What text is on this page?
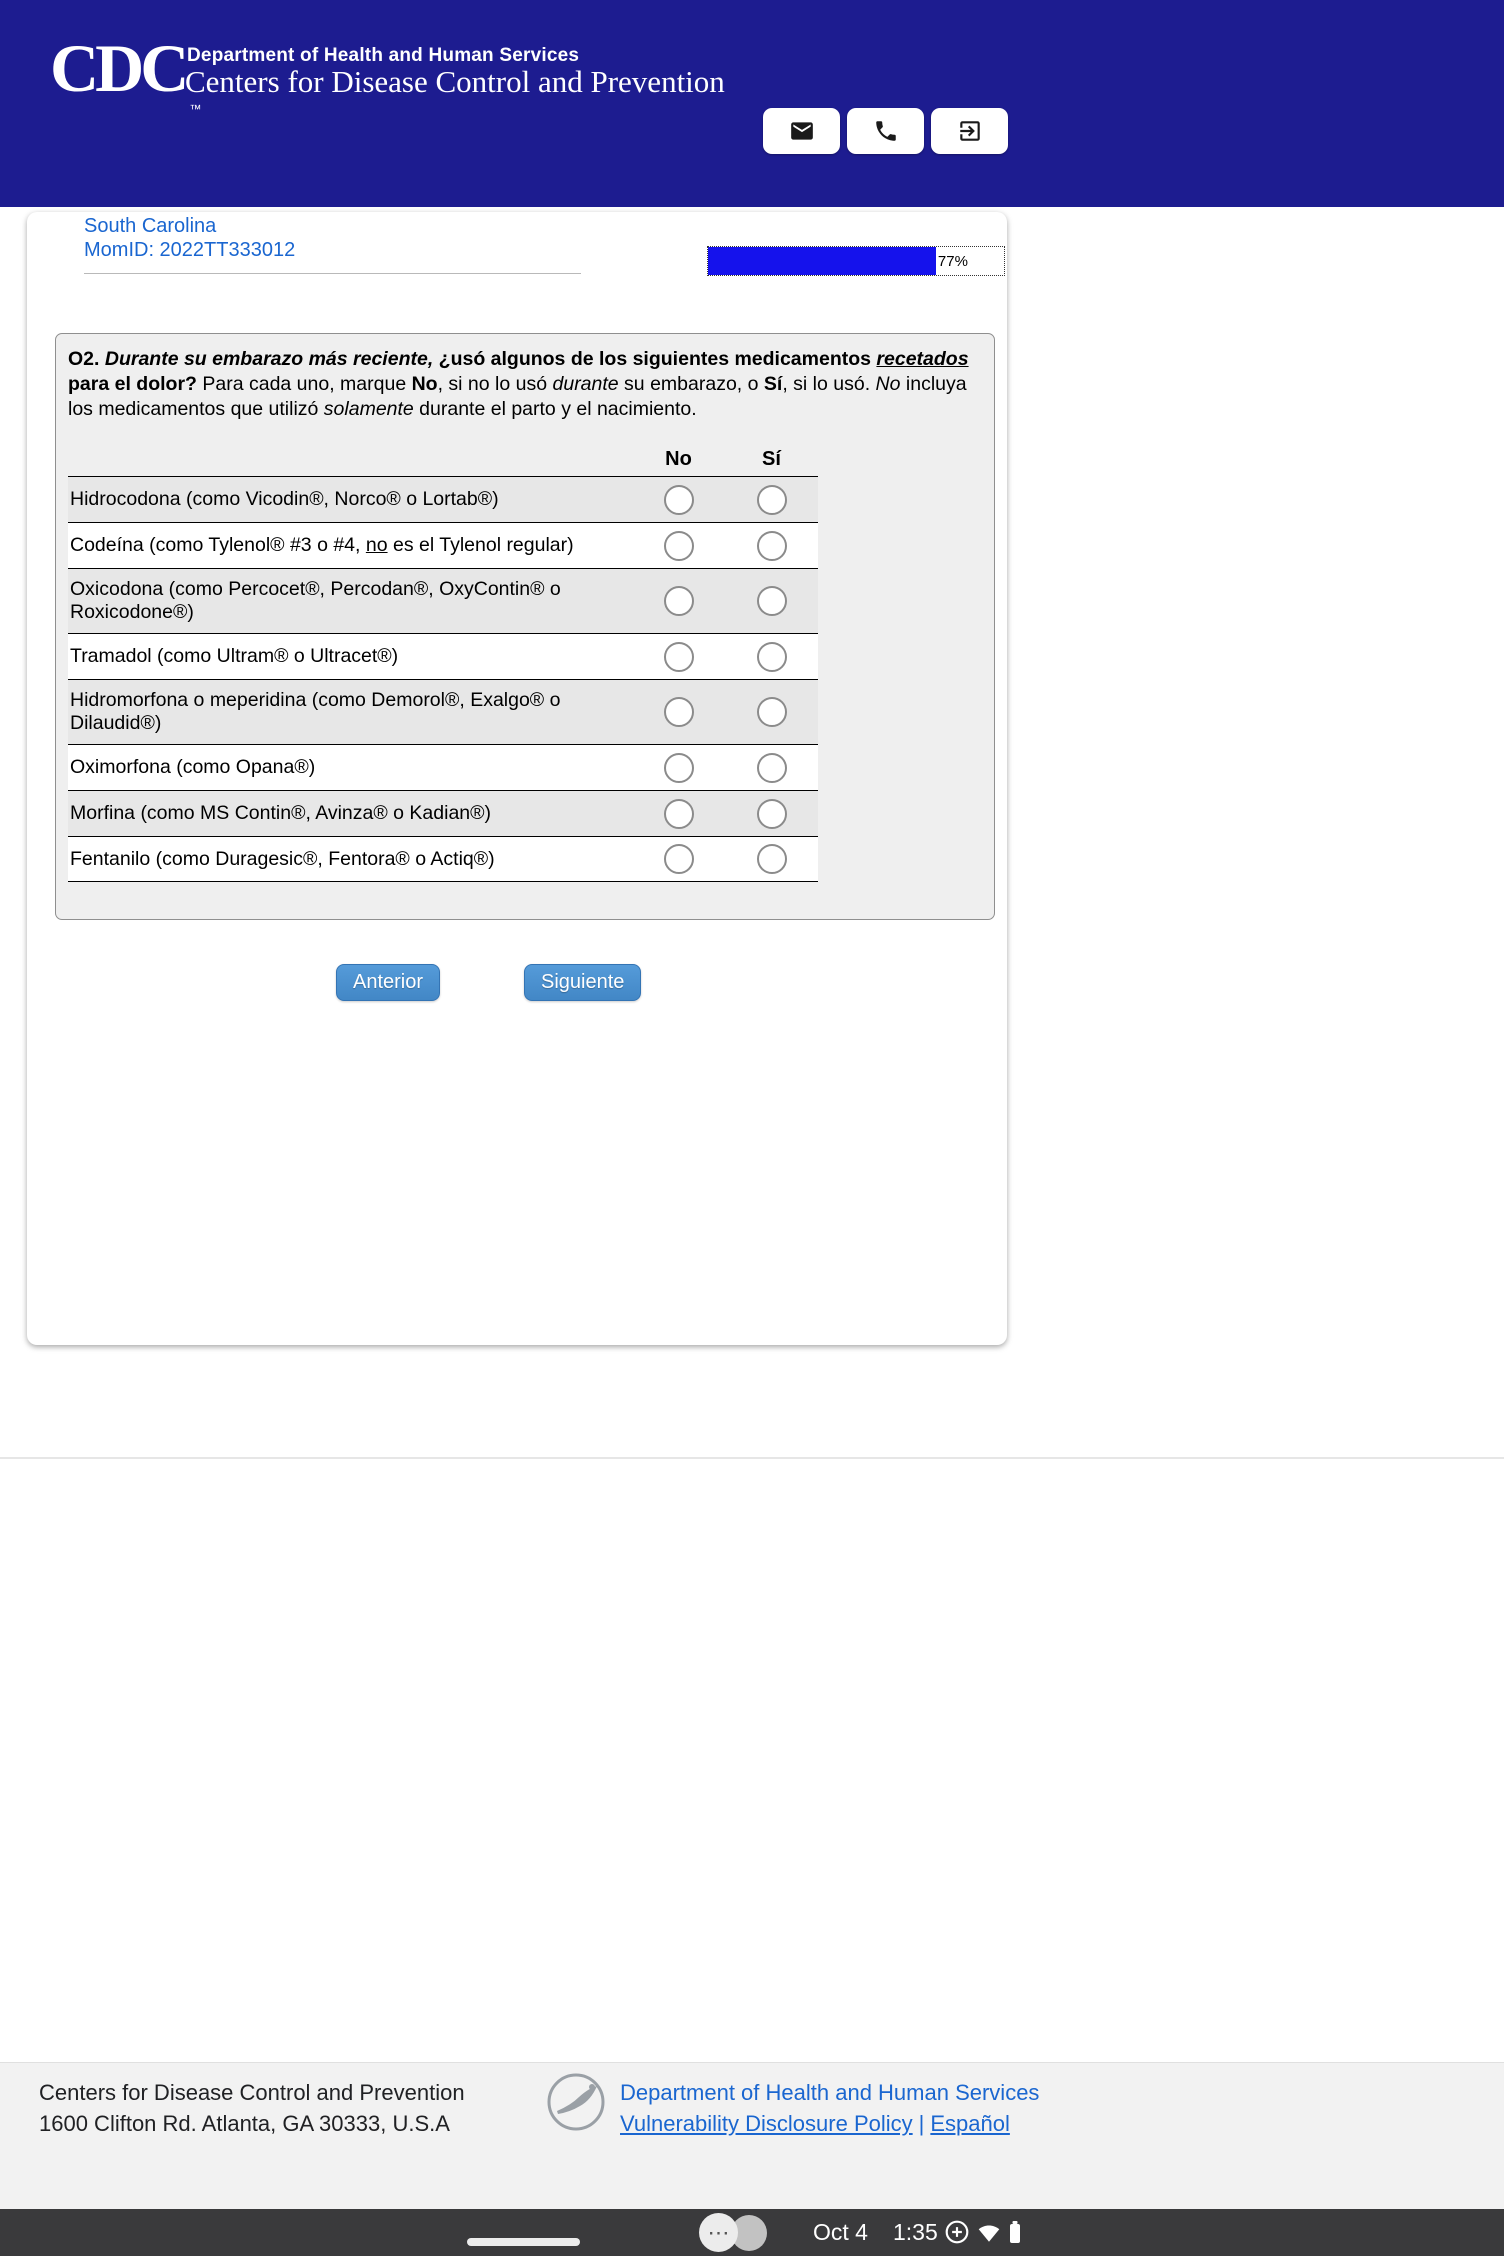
CDC
™
Department of Health and Human Services
Centers for Disease Control and Prevention
South Carolina
MomID: 2022TT333012	77%

O2. Durante su embarazo más reciente, ¿usó algunos de los siguientes medicamentos recetados para el dolor? Para cada uno, marque No, si no lo usó durante su embarazo, o Sí, si lo usó. No incluya los medicamentos que utilizó solamente durante el parto y el nacimiento.

No	Sí
Hidrocodona (como Vicodin®, Norco® o Lortab®)
Codeína (como Tylenol® #3 o #4, no es el Tylenol regular)
Oxicodona (como Percocet®, Percodan®, OxyContin® o Roxicodone®)
Tramadol (como Ultram® o Ultracet®)
Hidromorfona o meperidina (como Demorol®, Exalgo® o Dilaudid®)
Oximorfona (como Opana®)
Morfina (como MS Contin®, Avinza® o Kadian®)
Fentanilo (como Duragesic®, Fentora® o Actiq®)
Anterior	Siguiente
Centers for Disease Control and Prevention
1600 Clifton Rd. Atlanta, GA 30333, U.S.A
Department of Health and Human Services
Vulnerability Disclosure Policy | Español
⋯	Oct 4 1:35
